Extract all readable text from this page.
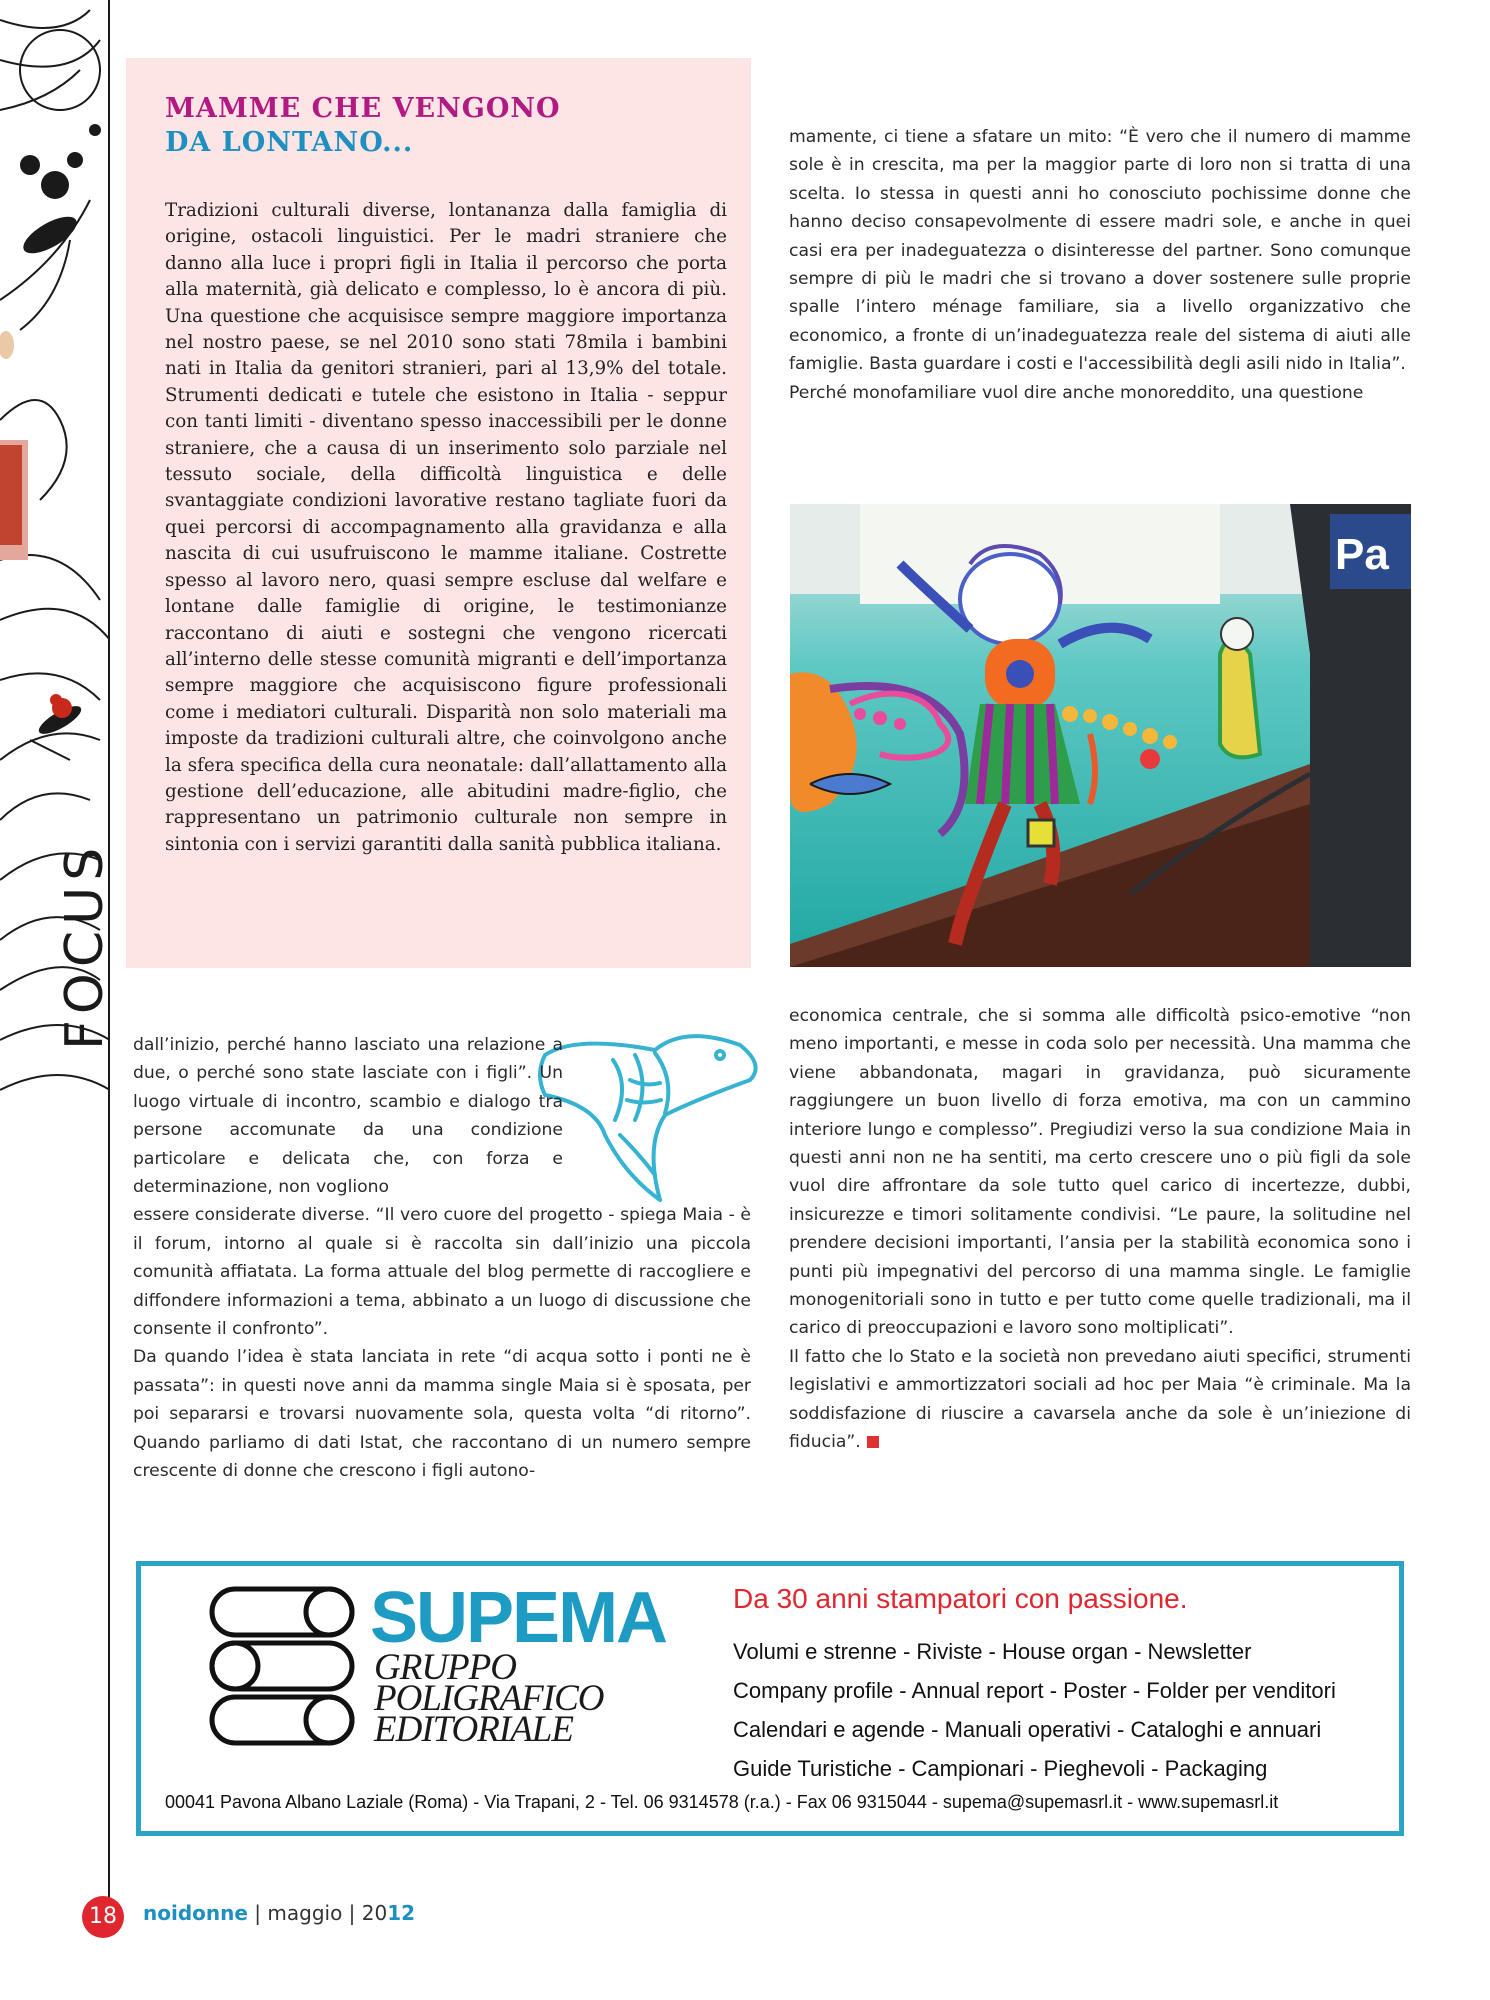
FOCUS
MAMME CHE VENGONO
DA LONTANO...
Tradizioni culturali diverse, lontananza dalla famiglia di origine, ostacoli linguistici. Per le madri straniere che danno alla luce i propri figli in Italia il percorso che porta alla maternità, già delicato e complesso, lo è ancora di più. Una questione che acquisisce sempre maggiore importanza nel nostro paese, se nel 2010 sono stati 78mila i bambini nati in Italia da genitori stranieri, pari al 13,9% del totale. Strumenti dedicati e tutele che esistono in Italia - seppur con tanti limiti - diventano spesso inaccessibili per le donne straniere, che a causa di un inserimento solo parziale nel tessuto sociale, della difficoltà linguistica e delle svantaggiate condizioni lavorative restano tagliate fuori da quei percorsi di accompagnamento alla gravidanza e alla nascita di cui usufruiscono le mamme italiane. Costrette spesso al lavoro nero, quasi sempre escluse dal welfare e lontane dalle famiglie di origine, le testimonianze raccontano di aiuti e sostegni che vengono ricercati all’interno delle stesse comunità migranti e dell’importanza sempre maggiore che acquisiscono figure professionali come i mediatori culturali. Disparità non solo materiali ma imposte da tradizioni culturali altre, che coinvolgono anche la sfera specifica della cura neonatale: dall’allattamento alla gestione dell’educazione, alle abitudini madre-figlio, che rappresentano un patrimonio culturale non sempre in sintonia con i servizi garantiti dalla sanità pubblica italiana.

mamente, ci tiene a sfatare un mito: “È vero che il numero di mamme sole è in crescita, ma per la maggior parte di loro non si tratta di una scelta. Io stessa in questi anni ho conosciuto pochissime donne che hanno deciso consapevolmente di essere madri sole, e anche in quei casi era per inadeguatezza o disinteresse del partner. Sono comunque sempre di più le madri che si trovano a dover sostenere sulle proprie spalle l’intero ménage familiare, sia a livello organizzativo che economico, a fronte di un’inadeguatezza reale del sistema di aiuti alle famiglie. Basta guardare i costi e l'accessibilità degli asili nido in Italia”.

Perché monofamiliare vuol dire anche monoreddito, una questione

Pa

dall’inizio, perché hanno lasciato una relazione a due, o perché sono state lasciate con i figli”. Un luogo virtuale di incontro, scambio e dialogo tra persone accomunate da una condizione particolare e delicata che, con forza e determinazione, non vogliono

essere considerate diverse. “Il vero cuore del progetto - spiega Maia - è il forum, intorno al quale si è raccolta sin dall’inizio una piccola comunità affiatata. La forma attuale del blog permette di raccogliere e diffondere informazioni a tema, abbinato a un luogo di discussione che consente il confronto”.

Da quando l’idea è stata lanciata in rete “di acqua sotto i ponti ne è passata”: in questi nove anni da mamma single Maia si è sposata, per poi separarsi e trovarsi nuovamente sola, questa volta “di ritorno”. Quando parliamo di dati Istat, che raccontano di un numero sempre crescente di donne che crescono i figli autono-

economica centrale, che si somma alle difficoltà psico-emotive “non meno importanti, e messe in coda solo per necessità. Una mamma che viene abbandonata, magari in gravidanza, può sicuramente raggiungere un buon livello di forza emotiva, ma con un cammino interiore lungo e complesso”. Pregiudizi verso la sua condizione Maia in questi anni non ne ha sentiti, ma certo crescere uno o più figli da sole vuol dire affrontare da sole tutto quel carico di incertezze, dubbi, insicurezze e timori solitamente condivisi. “Le paure, la solitudine nel prendere decisioni importanti, l’ansia per la stabilità economica sono i punti più impegnativi del percorso di una mamma single. Le famiglie monogenitoriali sono in tutto e per tutto come quelle tradizionali, ma il carico di preoccupazioni e lavoro sono moltiplicati”.

Il fatto che lo Stato e la società non prevedano aiuti specifici, strumenti legislativi e ammortizzatori sociali ad hoc per Maia “è criminale. Ma la soddisfazione di riuscire a cavarsela anche da sole è un’iniezione di fiducia”.

SUPEMA
GRUPPO
POLIGRAFICO
EDITORIALE
Da 30 anni stampatori con passione.
Volumi e strenne - Riviste - House organ - Newsletter
Company profile - Annual report - Poster - Folder per venditori
Calendari e agende - Manuali operativi - Cataloghi e annuari
Guide Turistiche - Campionari - Pieghevoli - Packaging
00041 Pavona Albano Laziale (Roma) - Via Trapani, 2 - Tel. 06 9314578 (r.a.) - Fax 06 9315044 - supema@supemasrl.it - www.supemasrl.it
18	noidonne | maggio | 2012
